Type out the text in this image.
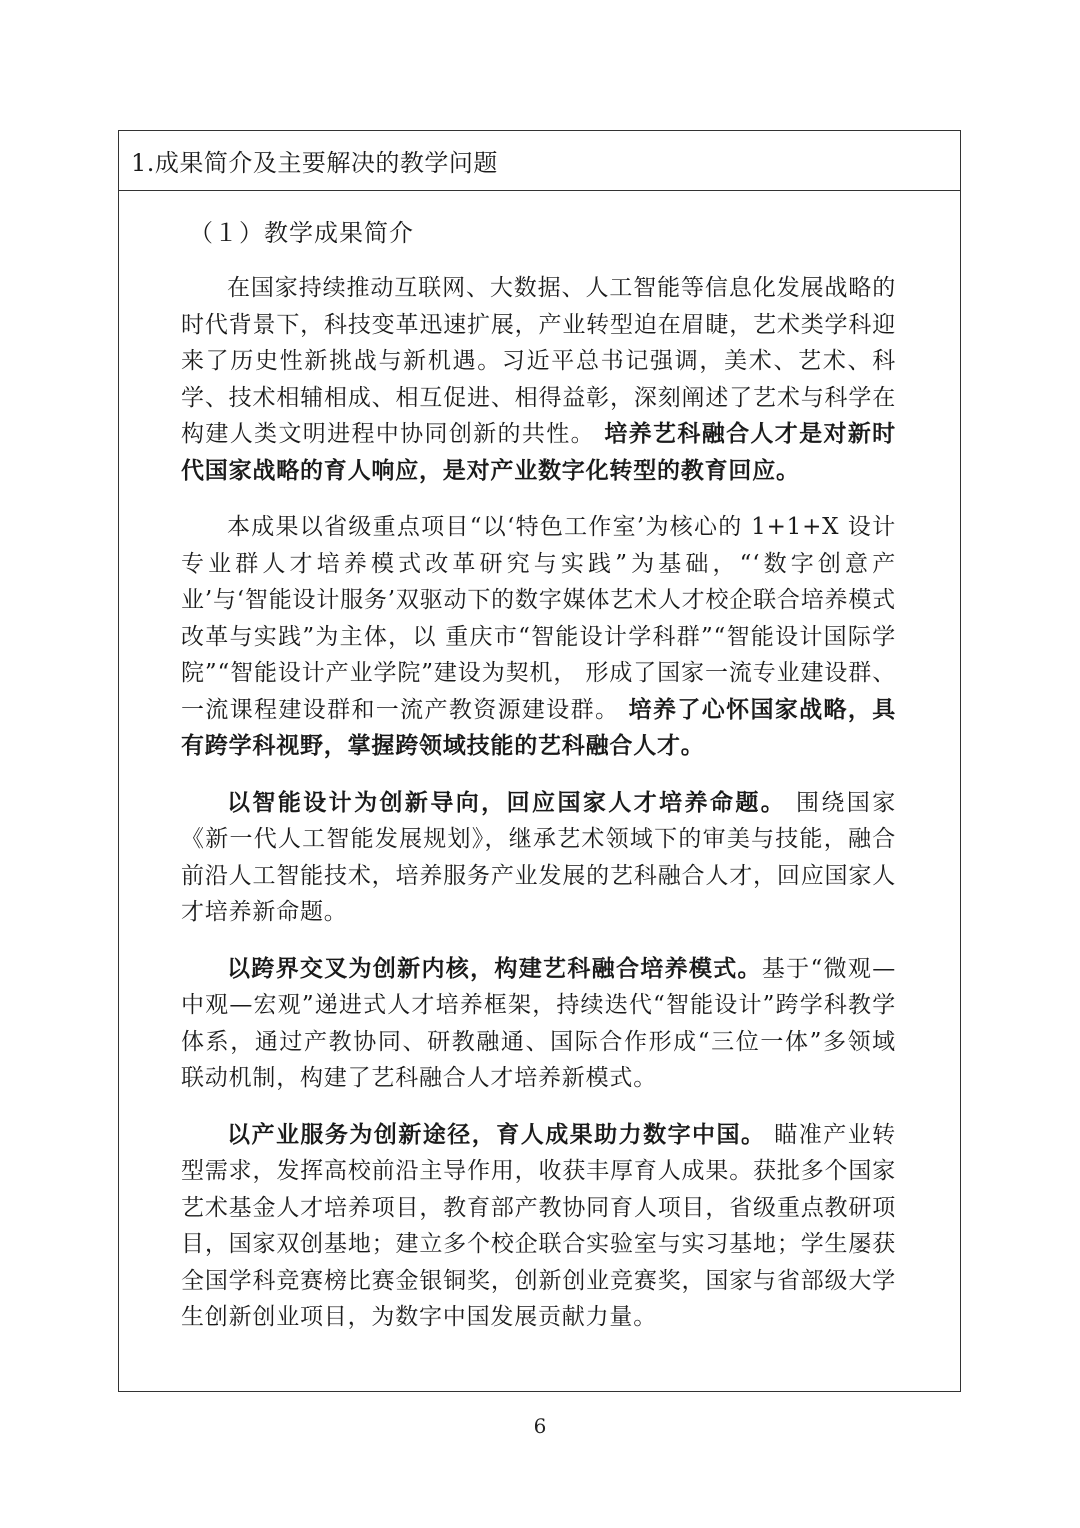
1.成果简介及主要解决的教学问题
（１）教学成果简介

在国家持续推动互联网、大数据、人工智能等信息化发展战略的时代背景下，科技变革迅速扩展，产业转型迫在眉睫，艺术类学科迎来了历史性新挑战与新机遇。习近平总书记强调，美术、艺术、科学、技术相辅相成、相互促进、相得益彰，深刻阐述了艺术与科学在构建人类文明进程中协同创新的共性。 培养艺科融合人才是对新时代国家战略的育人响应，是对产业数字化转型的教育回应。

本成果以省级重点项目“以‘特色工作室’为核心的 1+1+X 设计专业群人才培养模式改革研究与实践”为基础，“‘数字创意产业’与‘智能设计服务’双驱动下的数字媒体艺术人才校企联合培养模式改革与实践”为主体，以 重庆市“智能设计学科群”“智能设计国际学院”“智能设计产业学院”建设为契机， 形成了国家一流专业建设群、一流课程建设群和一流产教资源建设群。 培养了心怀国家战略，具有跨学科视野，掌握跨领域技能的艺科融合人才。

以智能设计为创新导向，回应国家人才培养命题。 围绕国家《新一代人工智能发展规划》，继承艺术领域下的审美与技能，融合前沿人工智能技术，培养服务产业发展的艺科融合人才，回应国家人才培养新命题。

以跨界交叉为创新内核，构建艺科融合培养模式。基于“微观—中观—宏观”递进式人才培养框架，持续迭代“智能设计”跨学科教学体系，通过产教协同、研教融通、国际合作形成“三位一体”多领域联动机制，构建了艺科融合人才培养新模式。

以产业服务为创新途径，育人成果助力数字中国。 瞄准产业转型需求，发挥高校前沿主导作用，收获丰厚育人成果。获批多个国家艺术基金人才培养项目，教育部产教协同育人项目，省级重点教研项目，国家双创基地；建立多个校企联合实验室与实习基地；学生屡获全国学科竞赛榜比赛金银铜奖，创新创业竞赛奖，国家与省部级大学生创新创业项目，为数字中国发展贡献力量。

6
